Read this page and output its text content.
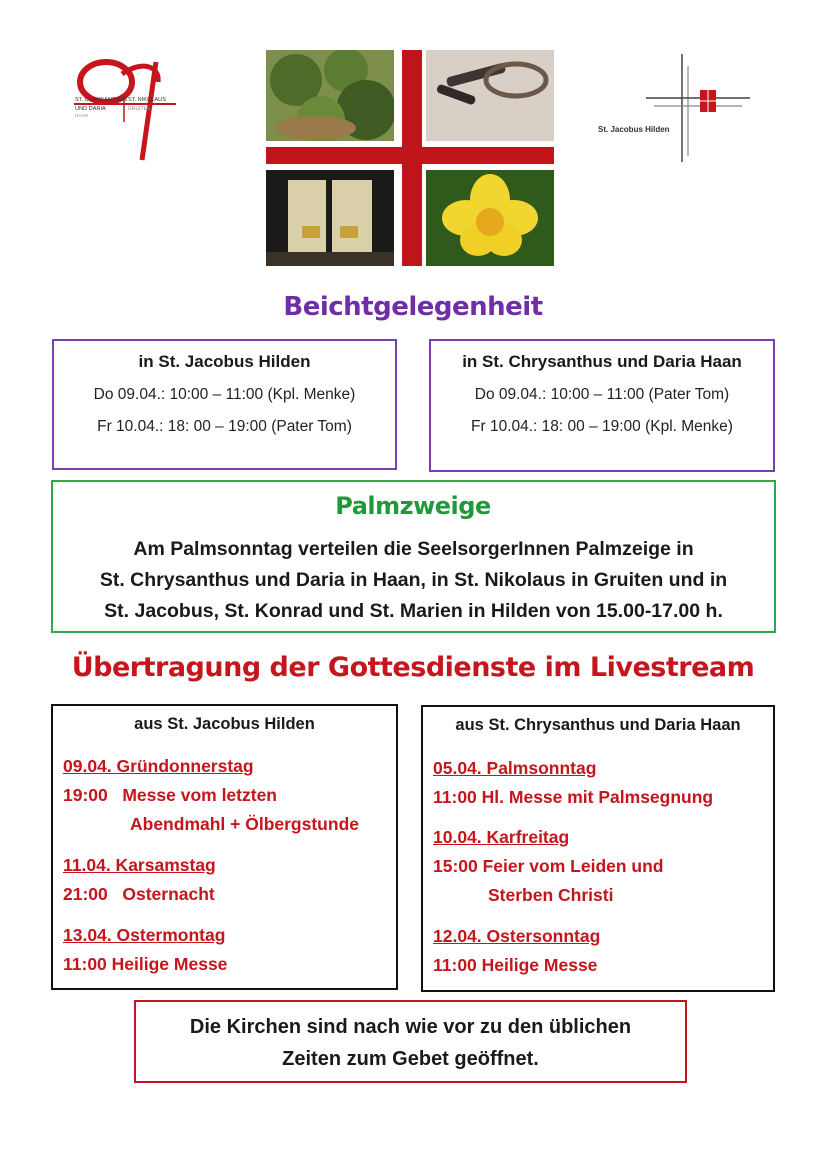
ST. CHRYSANTHUS
UND DARIA
ST. NIKOLAUS
HAAN
GRUITEN
St. Jacobus Hilden
Beichtgelegenheit
in St. Jacobus Hilden
Do 09.04.: 10:00 – 11:00 (Kpl. Menke)
Fr 10.04.: 18: 00 – 19:00 (Pater Tom)
in St. Chrysanthus und Daria Haan
Do 09.04.: 10:00 – 11:00 (Pater Tom)
Fr 10.04.: 18: 00 – 19:00 (Kpl. Menke)
Am Palmsonntag verteilen die SeelsorgerInnen Palmzeige in
St. Chrysanthus und Daria in Haan, in St. Nikolaus in Gruiten und in
St. Jacobus, St. Konrad und St. Marien in Hilden von 15.00-17.00 h.
Palmzweige
Übertragung der Gottesdienste im Livestream
aus St. Jacobus Hilden
09.04. Gründonnerstag
19:00 Messe vom letzten
Abendmahl + Ölbergstunde
11.04. Karsamstag
21:00 Osternacht
13.04. Ostermontag
11:00 Heilige Messe
aus St. Chrysanthus und Daria Haan
05.04. Palmsonntag
11:00 Hl. Messe mit Palmsegnung
10.04. Karfreitag
15:00 Feier vom Leiden und
Sterben Christi
12.04. Ostersonntag
11:00 Heilige Messe
Die Kirchen sind nach wie vor zu den üblichen
Zeiten zum Gebet geöffnet.
